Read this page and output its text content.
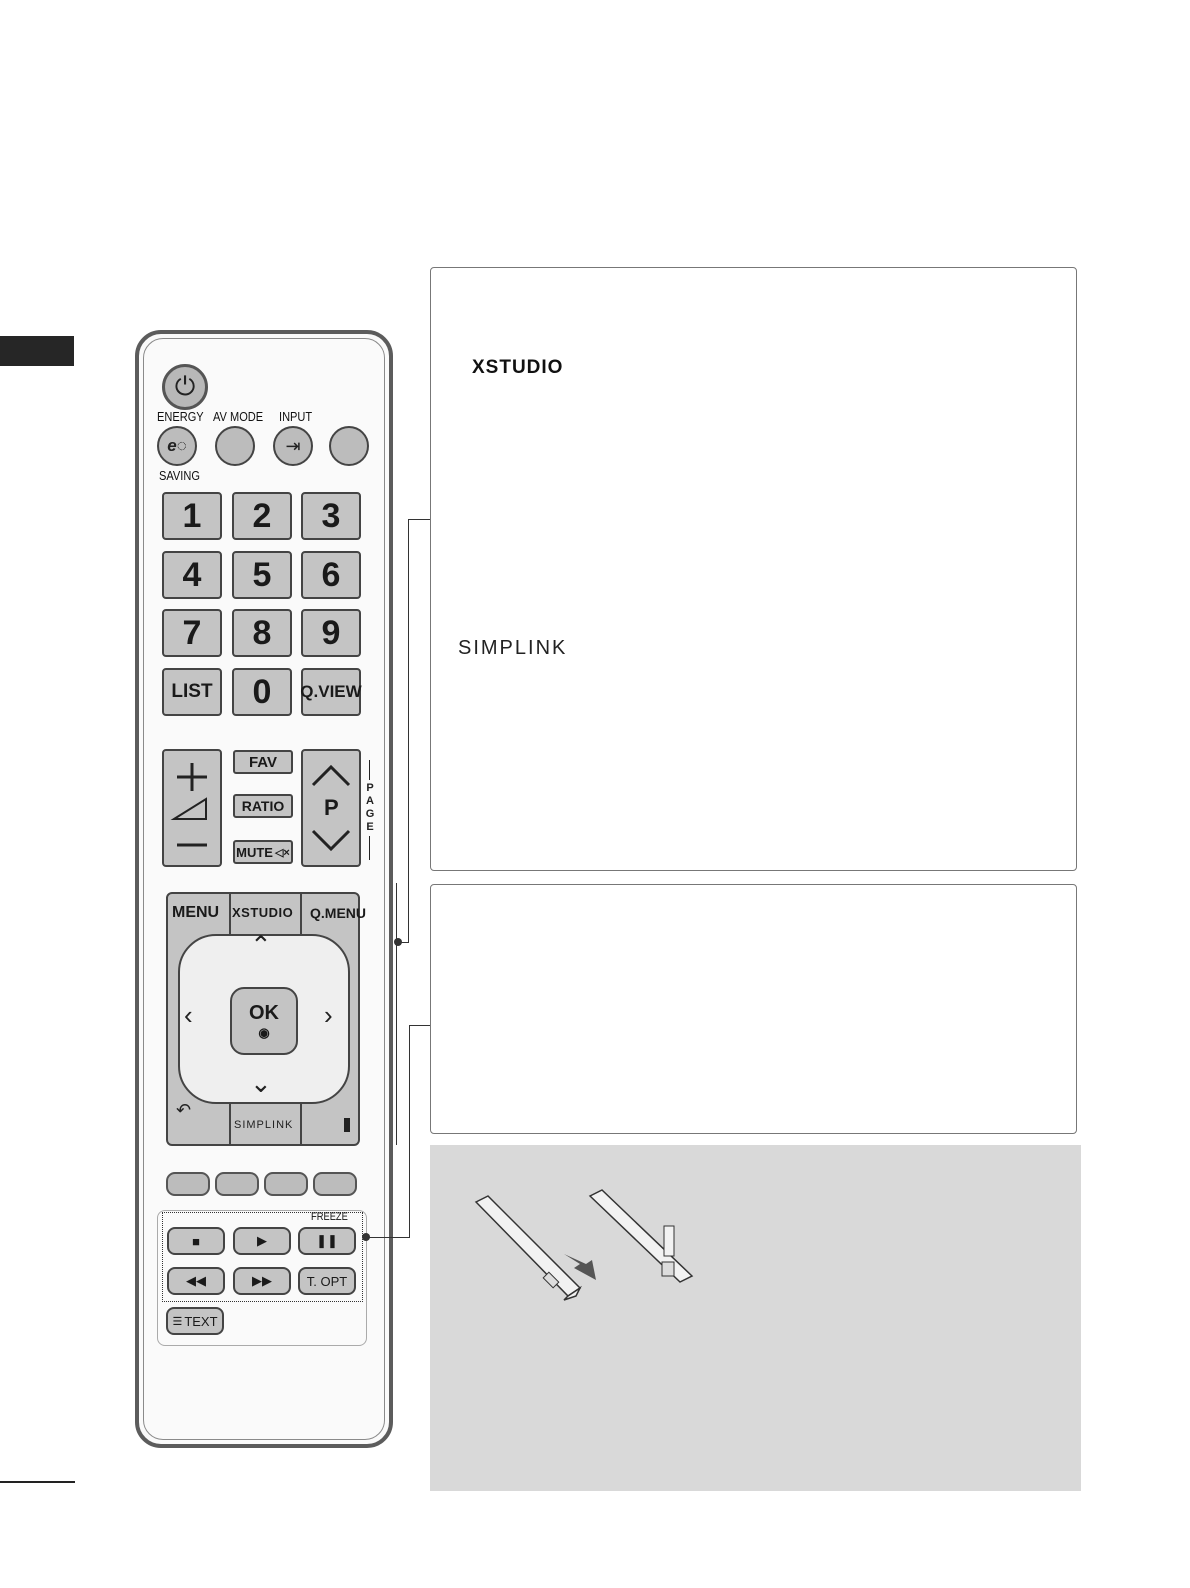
⏻
ENERGY AV MODE INPUT
e◌	⇥
SAVING
1	2	3
4	5	6
7	8	9
LIST	0	Q.VIEW
FAV
RATIO
MUTE ◁×
P
P
A
G
E
MENU XSTUDIO Q.MENU
⌃
⌄
‹	›
OK
◉
↶
SIMPLINK
FREEZE
■	▶	❚❚
◀◀	▶▶	T. OPT
☰ TEXT
XSTUDIO
SIMPLINK
